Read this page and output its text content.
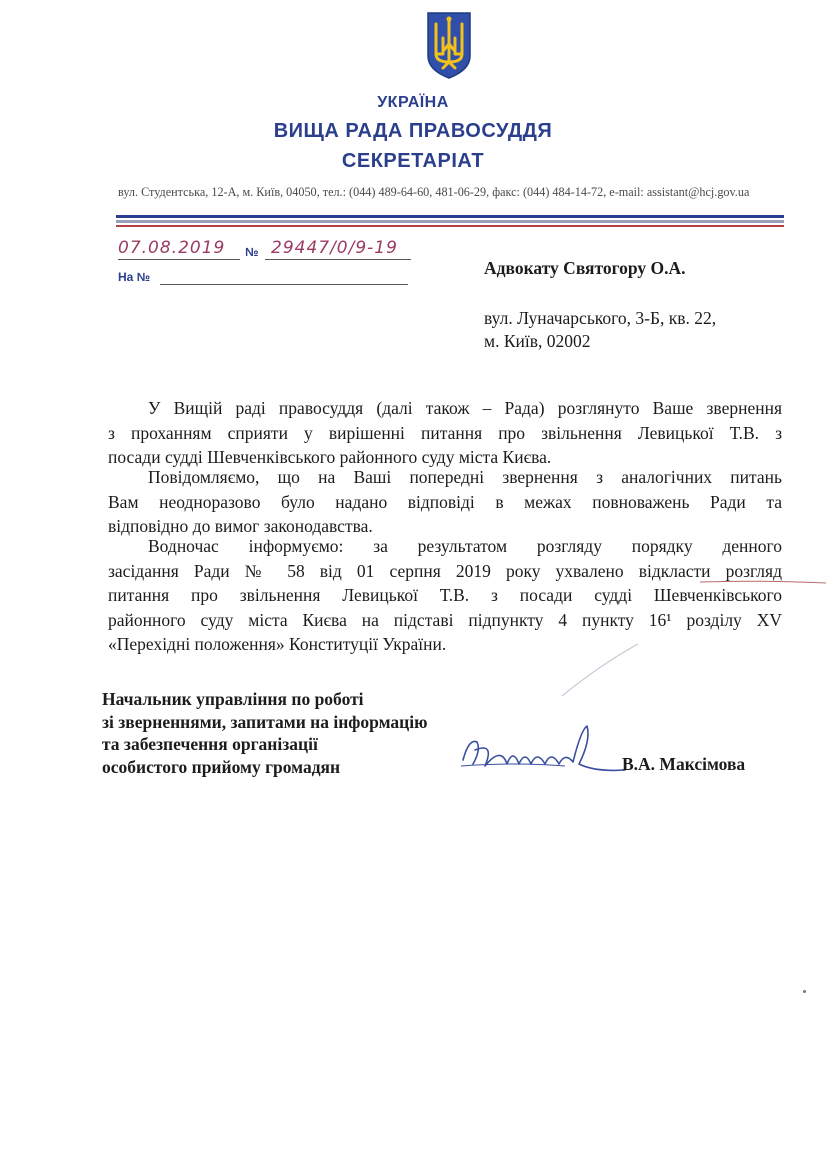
УКРАЇНА
ВИЩА РАДА ПРАВОСУДДЯ
СЕКРЕТАРІАТ
вул. Студентська, 12-А, м. Київ, 04050, тел.: (044) 489-64-60, 481-06-29, факс: (044) 484-14-72, e-mail: assistant@hcj.gov.ua
07.08.2019 № 29447/0/9-19
На №	Адвокату Святогору О.А.
вул. Луначарського, 3-Б, кв. 22,
м. Київ, 02002
У Вищій раді правосуддя (далі також – Рада) розглянуто Ваше звернення
з проханням сприяти у вирішенні питання про звільнення Левицької Т.В. з
посади судді Шевченківського районного суду міста Києва.
Повідомляємо, що на Ваші попередні звернення з аналогічних питань
Вам неодноразово було надано відповіді в межах повноважень Ради та
відповідно до вимог законодавства.
Водночас інформуємо: за результатом розгляду порядку денного
засідання Ради № 58 від 01 серпня 2019 року ухвалено відкласти розгляд
питання про звільнення Левицької Т.В. з посади судді Шевченківського
районного суду міста Києва на підставі підпункту 4 пункту 16¹ розділу XV
«Перехідні положення» Конституції України.
Начальник управління по роботі
зі зверненнями, запитами на інформацію
та забезпечення організації
особистого прийому громадян	В.А. Максімова
